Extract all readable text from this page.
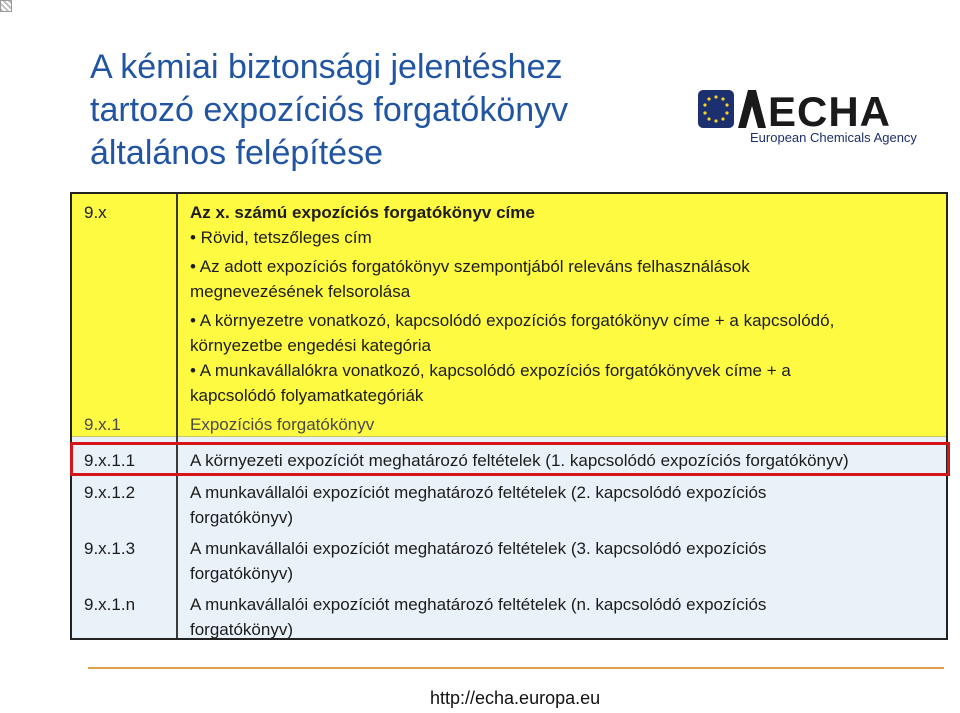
A kémiai biztonsági jelentéshez
tartozó expozíciós forgatókönyv
általános felépítése
ECHA
European Chemicals Agency
9.x	Az x. számú expozíciós forgatókönyv címe
• Rövid, tetszőleges cím
• Az adott expozíciós forgatókönyv szempontjából releváns felhasználások
megnevezésének felsorolása
• A környezetre vonatkozó, kapcsolódó expozíciós forgatókönyv címe + a kapcsolódó,
környezetbe engedési kategória
• A munkavállalókra vonatkozó, kapcsolódó expozíciós forgatókönyvek címe + a
kapcsolódó folyamatkategóriák
9.x.1	Expozíciós forgatókönyv
9.x.1.1	A környezeti expozíciót meghatározó feltételek (1. kapcsolódó expozíciós forgatókönyv)
9.x.1.2	A munkavállalói expozíciót meghatározó feltételek (2. kapcsolódó expozíciós
forgatókönyv)
9.x.1.3	A munkavállalói expozíciót meghatározó feltételek (3. kapcsolódó expozíciós
forgatókönyv)
9.x.1.n	A munkavállalói expozíciót meghatározó feltételek (n. kapcsolódó expozíciós
forgatókönyv)
http://echa.europa.eu
